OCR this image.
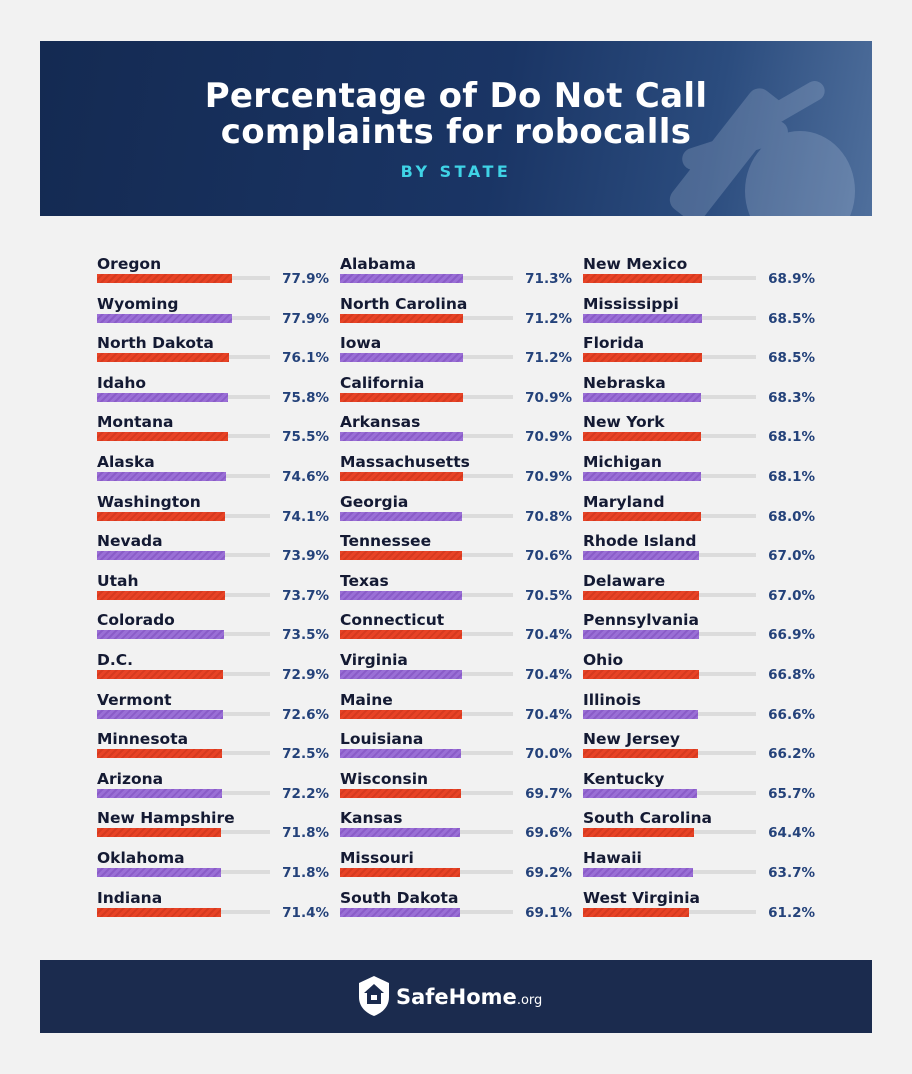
Percentage of Do Not Call
complaints for robocalls
BY STATE
Oregon
77.9%
Wyoming
77.9%
North Dakota
76.1%
Idaho
75.8%
Montana
75.5%
Alaska
74.6%
Washington
74.1%
Nevada
73.9%
Utah
73.7%
Colorado
73.5%
D.C.
72.9%
Vermont
72.6%
Minnesota
72.5%
Arizona
72.2%
New Hampshire
71.8%
Oklahoma
71.8%
Indiana
71.4%
Alabama
71.3%
North Carolina
71.2%
Iowa
71.2%
California
70.9%
Arkansas
70.9%
Massachusetts
70.9%
Georgia
70.8%
Tennessee
70.6%
Texas
70.5%
Connecticut
70.4%
Virginia
70.4%
Maine
70.4%
Louisiana
70.0%
Wisconsin
69.7%
Kansas
69.6%
Missouri
69.2%
South Dakota
69.1%
New Mexico
68.9%
Mississippi
68.5%
Florida
68.5%
Nebraska
68.3%
New York
68.1%
Michigan
68.1%
Maryland
68.0%
Rhode Island
67.0%
Delaware
67.0%
Pennsylvania
66.9%
Ohio
66.8%
Illinois
66.6%
New Jersey
66.2%
Kentucky
65.7%
South Carolina
64.4%
Hawaii
63.7%
West Virginia
61.2%
SafeHome.org
